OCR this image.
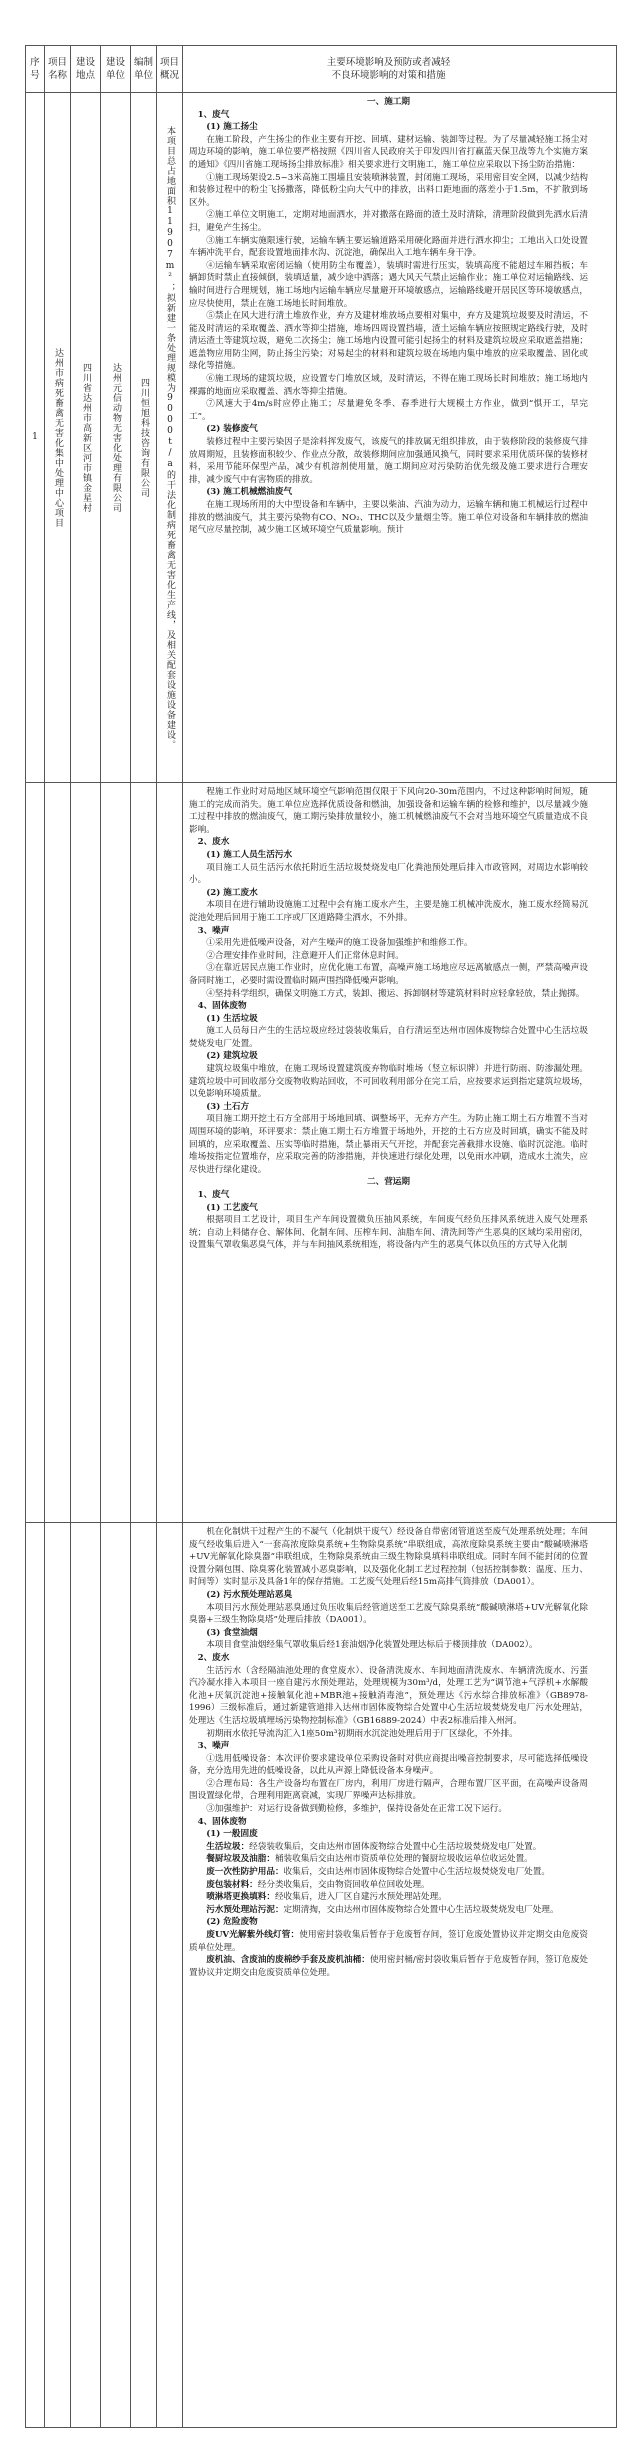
序号
项目名称
建设地点
建设单位
编制单位
项目概况
主要环境影响及预防或者减轻
不良环境影响的对策和措施
1	达州市病死畜禽无害化集中处理中心项目 四川省达州市高新区河市镇金星村 达州元信动物无害化处理有限公司 四川恒旭科技咨询有限公司 本项目总占地面积11907m²；拟新建一条处理规模为9000t/a的干法化制病死畜禽无害化生产线，及相关配套设施设备建设。

一、施工期

1、废气

(1) 施工扬尘

在施工阶段，产生扬尘的作业主要有开挖、回填、建材运输、装卸等过程。为了尽量减轻施工扬尘对周边环境的影响，施工单位要严格按照《四川省人民政府关于印发四川省打赢蓝天保卫战等九个实施方案的通知》《四川省施工现场扬尘排放标准》相关要求进行文明施工，施工单位应采取以下扬尘防治措施：

①施工现场架设2.5~3米高施工围墙且安装喷淋装置，封闭施工现场，采用密目安全网，以减少结构和装修过程中的粉尘飞扬撒落，降低粉尘向大气中的排放，出料口距地面的落差小于1.5m，不扩散到场区外。

②施工单位文明施工，定期对地面洒水，并对撒落在路面的渣土及时清除，清理阶段做到先洒水后清扫，避免产生扬尘。

③施工车辆实施限速行驶，运输车辆主要运输道路采用硬化路面并进行洒水抑尘；工地出入口处设置车辆冲洗平台，配套设置地面排水沟、沉淀池，确保出入工地车辆车身干净。

④运输车辆采取密闭运输（使用防尘布覆盖），装填时需进行压实，装填高度不能超过车厢挡板；车辆卸货时禁止直接倾倒，装填适量，减少途中洒落；遇大风天气禁止运输作业；施工单位对运输路线、运输时间进行合理规划，施工场地内运输车辆应尽量避开环境敏感点，运输路线避开居民区等环境敏感点，应尽快使用，禁止在施工场地长时间堆放。

⑤禁止在风大进行清土堆放作业，弃方及建材堆放场点要相对集中，弃方及建筑垃圾要及时清运，不能及时清运的采取覆盖、洒水等抑尘措施，堆场四周设置挡墙，渣土运输车辆应按照规定路线行驶，及时清运渣土等建筑垃圾，避免二次扬尘；施工场地内设置可能引起扬尘的材料及建筑垃圾应采取遮盖措施；遮盖物应用防尘网，防止扬尘污染；对易起尘的材料和建筑垃圾在场地内集中堆放的应采取覆盖、固化或绿化等措施。

⑥施工现场的建筑垃圾，应设置专门堆放区域，及时清运，不得在施工现场长时间堆放；施工场地内裸露的地面应采取覆盖、洒水等抑尘措施。

⑦风速大于4m/s时应停止施工；尽量避免冬季、春季进行大规模土方作业，做到“惧开工，早完工”。

(2) 装修废气

装修过程中主要污染因子是涂料挥发废气，该废气的排放属无组织排放，由于装修阶段的装修废气排放周期短，且装修面积较少、作业点分散，故装修期间应加强通风换气，同时要求采用优质环保的装修材料，采用节能环保型产品，减少有机溶剂使用量，施工期间应对污染防治优先级及施工要求进行合理安排，减少废气中有害物质的排放。

(3) 施工机械燃油废气

在施工现场所用的大中型设备和车辆中，主要以柴油、汽油为动力，运输车辆和施工机械运行过程中排放的燃油废气，其主要污染物有CO、NO₂、THC以及少量烟尘等。施工单位对设备和车辆排放的燃油尾气应尽量控制，减少施工区域环境空气质量影响。预计

程施工作业时对局地区域环境空气影响范围仅限于下风向20-30m范围内，不过这种影响时间短，随施工的完成而消失。施工单位应选择优质设备和燃油，加强设备和运输车辆的检修和维护，以尽量减少施工过程中排放的燃油废气，施工期污染排放量较小，施工机械燃油废气不会对当地环境空气质量造成不良影响。

2、废水

(1) 施工人员生活污水

项目施工人员生活污水依托附近生活垃圾焚烧发电厂化粪池预处理后排入市政管网，对周边水影响较小。

(2) 施工废水

本项目在进行辅助设施施工过程中会有施工废水产生，主要是施工机械冲洗废水，施工废水经简易沉淀池处理后回用于施工工序或厂区道路降尘洒水，不外排。

3、噪声

①采用先进低噪声设备，对产生噪声的施工设备加强维护和维修工作。

②合理安排作业时间，注意避开人们正常休息时间。

③在靠近居民点施工作业时，应优化施工布置，高噪声施工场地应尽远离敏感点一侧，严禁高噪声设备同时施工，必要时需设置临时隔声围挡降低噪声影响。

④坚持科学组织，确保文明施工方式，装卸、搬运、拆卸钢材等建筑材料时应轻拿轻放，禁止抛掷。

4、固体废物

(1) 生活垃圾

施工人员每日产生的生活垃圾应经过袋装收集后，自行清运至达州市固体废物综合处置中心生活垃圾焚烧发电厂处置。

(2) 建筑垃圾

建筑垃圾集中堆放，在施工现场设置建筑废弃物临时堆场（竖立标识牌）并进行防雨、防渗漏处理。建筑垃圾中可回收部分交废物收购站回收，不可回收利用部分在完工后，应按要求运到指定建筑垃圾场，以免影响环境质量。

(3) 土石方

项目施工期开挖土石方全部用于场地回填、调整场平，无弃方产生。为防止施工期土石方堆置不当对周围环境的影响，环评要求：禁止施工期土石方堆置于场地外，开挖的土石方应及时回填，确实不能及时回填的，应采取覆盖、压实等临时措施，禁止暴雨天气开挖，并配套完善截排水设施、临时沉淀池。临时堆场按指定位置堆存，应采取完善的防渗措施，并快速进行绿化处理，以免雨水冲刷，造成水土流失，应尽快进行绿化建设。

二、营运期

1、废气

(1) 工艺废气

根据项目工艺设计，项目生产车间设置微负压抽风系统，车间废气经负压排风系统进入废气处理系统；自动上料储存仓、解体间、化制车间、压榨车间、油脂车间、清洗间等产生恶臭的区域均采用密闭，设置集气罩收集恶臭气体，并与车间抽风系统相连，将设备内产生的恶臭气体以负压的方式导入化制

机在化制烘干过程产生的不凝气（化制烘干废气）经设备自带密闭管道送至废气处理系统处理；车间废气经收集后进入“一套高浓度除臭系统+生物除臭系统”串联组成，高浓度除臭系统主要由“酸碱喷淋塔+UV光解氧化除臭器”串联组成，生物除臭系统由三级生物除臭填料串联组成。同时车间不能封闭的位置设置分隔包围、除臭雾化装置减小恶臭影响，以及强化化制工艺过程控制（包括控制参数：温度、压力、时间等）实时显示及具备1年的保存措施。工艺废气处理后经15m高排气筒排放（DA001）。

(2) 污水预处理站恶臭

本项目污水预处理站恶臭通过负压收集后经管道送至工艺废气除臭系统“酸碱喷淋塔+UV光解氧化除臭器+三级生物除臭塔”处理后排放（DA001）。

(3) 食堂油烟

本项目食堂油烟经集气罩收集后经1套油烟净化装置处理达标后于楼顶排放（DA002）。

2、废水

生活污水（含经隔油池处理的食堂废水）、设备清洗废水、车间地面清洗废水、车辆清洗废水、污蛋汽冷凝水排入本项目一座自建污水预处理站，处理规模为30m³/d，处理工艺为“调节池+气浮机+水解酸化池+厌氧沉淀池+接触氧化池+MBR池+接触消毒池”，预处理达《污水综合排放标准》（GB8978-1996）三级标准后，通过新建管道排入达州市固体废物综合处置中心生活垃圾焚烧发电厂污水处理站，处理达《生活垃圾填埋场污染物控制标准》（GB16889-2024）中表2标准后排入州河。

初期雨水依托导流沟汇入1座50m³初期雨水沉淀池处理后用于厂区绿化，不外排。

3、噪声

①选用低噪设备：本次评价要求建设单位采购设备时对供应商提出噪音控制要求，尽可能选择低噪设备，充分选用先进的低噪设备，以此从声源上降低设备本身噪声。

②合理布局：各生产设备均布置在厂房内，利用厂房进行隔声，合理布置厂区平面，在高噪声设备周围设置绿化带，合理利用距离衰减，实现厂界噪声达标排放。

③加强维护：对运行设备做到勤检修，多维护，保持设备处在正常工况下运行。

4、固体废物

(1) 一般固废

生活垃圾：经袋装收集后，交由达州市固体废物综合处置中心生活垃圾焚烧发电厂处置。

餐厨垃圾及油脂：桶装收集后交由达州市资质单位处理的餐厨垃圾收运单位收运处置。

废一次性防护用品：收集后，交由达州市固体废物综合处置中心生活垃圾焚烧发电厂处置。

废包装材料：经分类收集后，交由物资回收单位回收处理。

喷淋塔更换填料：经收集后，进入厂区自建污水预处理站处理。

污水预处理站污泥：定期清掏，交由达州市固体废物综合处置中心生活垃圾焚烧发电厂处理。

(2) 危险废物

废UV光解紫外线灯管：使用密封袋收集后暂存于危废暂存间，签订危废处置协议并定期交由危废资质单位处理。

废机油、含废油的废棉纱手套及废机油桶：使用密封桶/密封袋收集后暂存于危废暂存间，签订危废处置协议并定期交由危废资质单位处理。
